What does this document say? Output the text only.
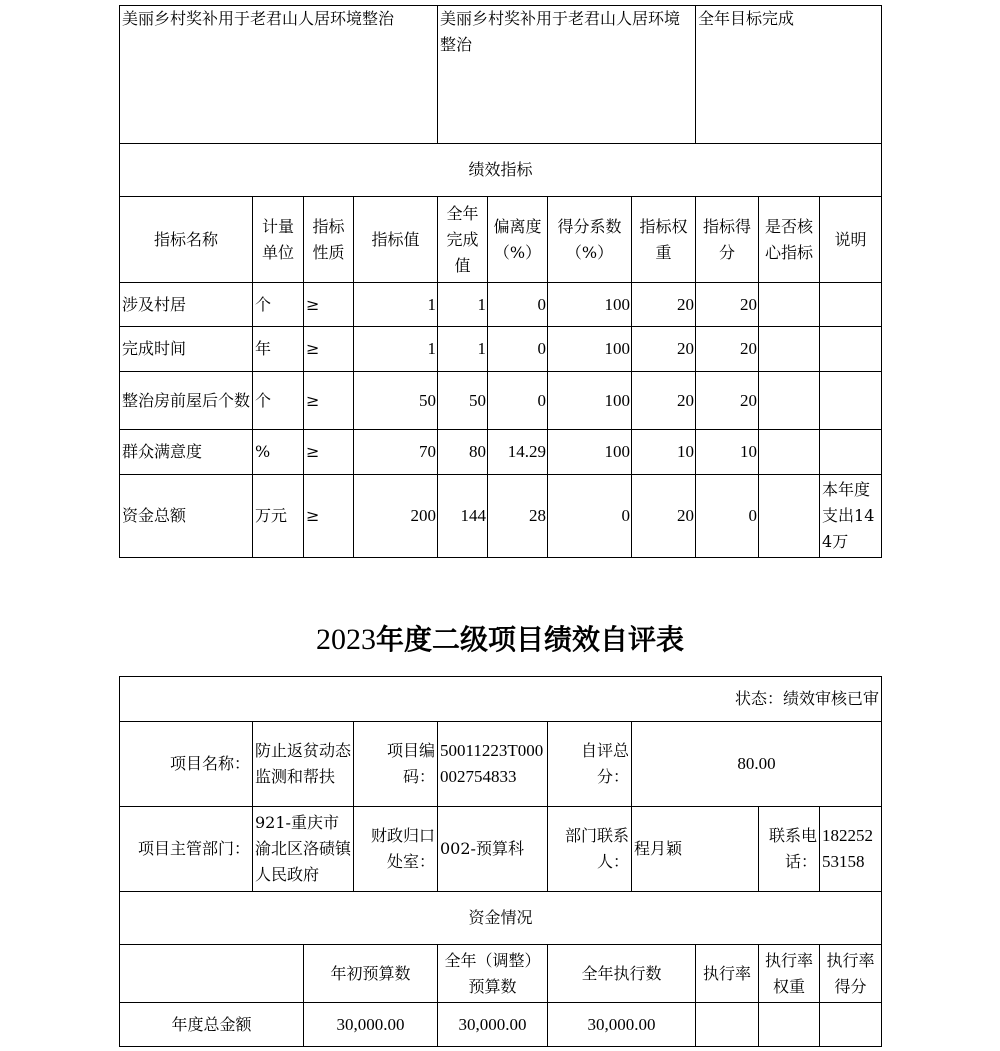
美丽乡村奖补用于老君山人居环境整治				美丽乡村奖补用于老君山人居环境整治				全年目标完成		
绩效指标										
指标名称	计量单位	指标性质	指标值	全年完成值	偏离度（%）	得分系数（%）	指标权重	指标得分	是否核心指标	说明
涉及村居	个	≥	1	1	0	100	20	20		
完成时间	年	≥	1	1	0	100	20	20		
整治房前屋后个数	个	≥	50	50	0	100	20	20		
群众满意度	%	≥	70	80	14.29	100	10	10		
资金总额	万元	≥	200	144	28	0	20	0		本年度支出144万
2023年度二级项目绩效自评表
状态：绩效审核已审									
项目名称：	防止返贫动态监测和帮扶		项目编码：	50011223T000002754833	自评总分：	80.00			
项目主管部门：	921-重庆市渝北区洛碛镇人民政府		财政归口处室：	002-预算科	部门联系人：	程月颖		联系电话：	18225253158
资金情况									
		年初预算数		全年（调整）预算数	全年执行数		执行率	执行率权重	执行率得分
年度总金额		30,000.00		30,000.00	30,000.00				
